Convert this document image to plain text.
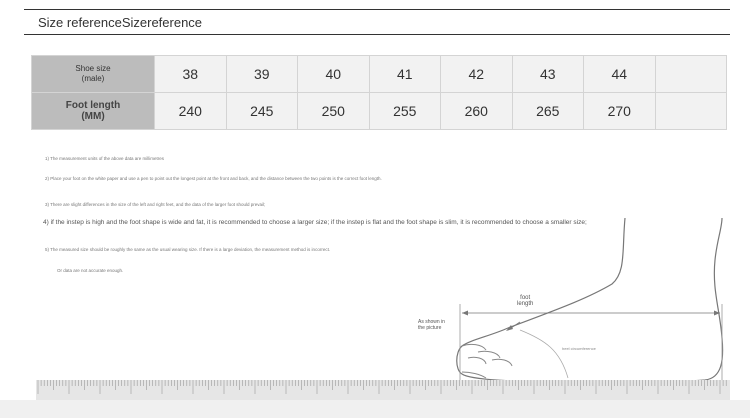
Size referenceSizereference
Shoe size
(male)	38	39	40	41	42	43	44	

Foot length
(MM)	240	245	250	255	260	265	270	
1) The measurement units of the above data are millimetres
2) Place your foot on the white paper and use a pen to point out the longest point at the front and back, and the distance between the two points is the correct foot length.
3) There are slight differences in the size of the left and right feet, and the data of the larger foot should prevail;
4) if the instep is high and the foot shape is wide and fat, it is recommended to choose a larger size; if the instep is flat and the foot shape is slim, it is recommended to choose a smaller size;
5) The measured size should be roughly the same as the usual wearing size. If there is a large deviation, the measurement method is incorrect.
Or data are not accurate enough.
foot
length
As shown in
the picture
heel circumference
